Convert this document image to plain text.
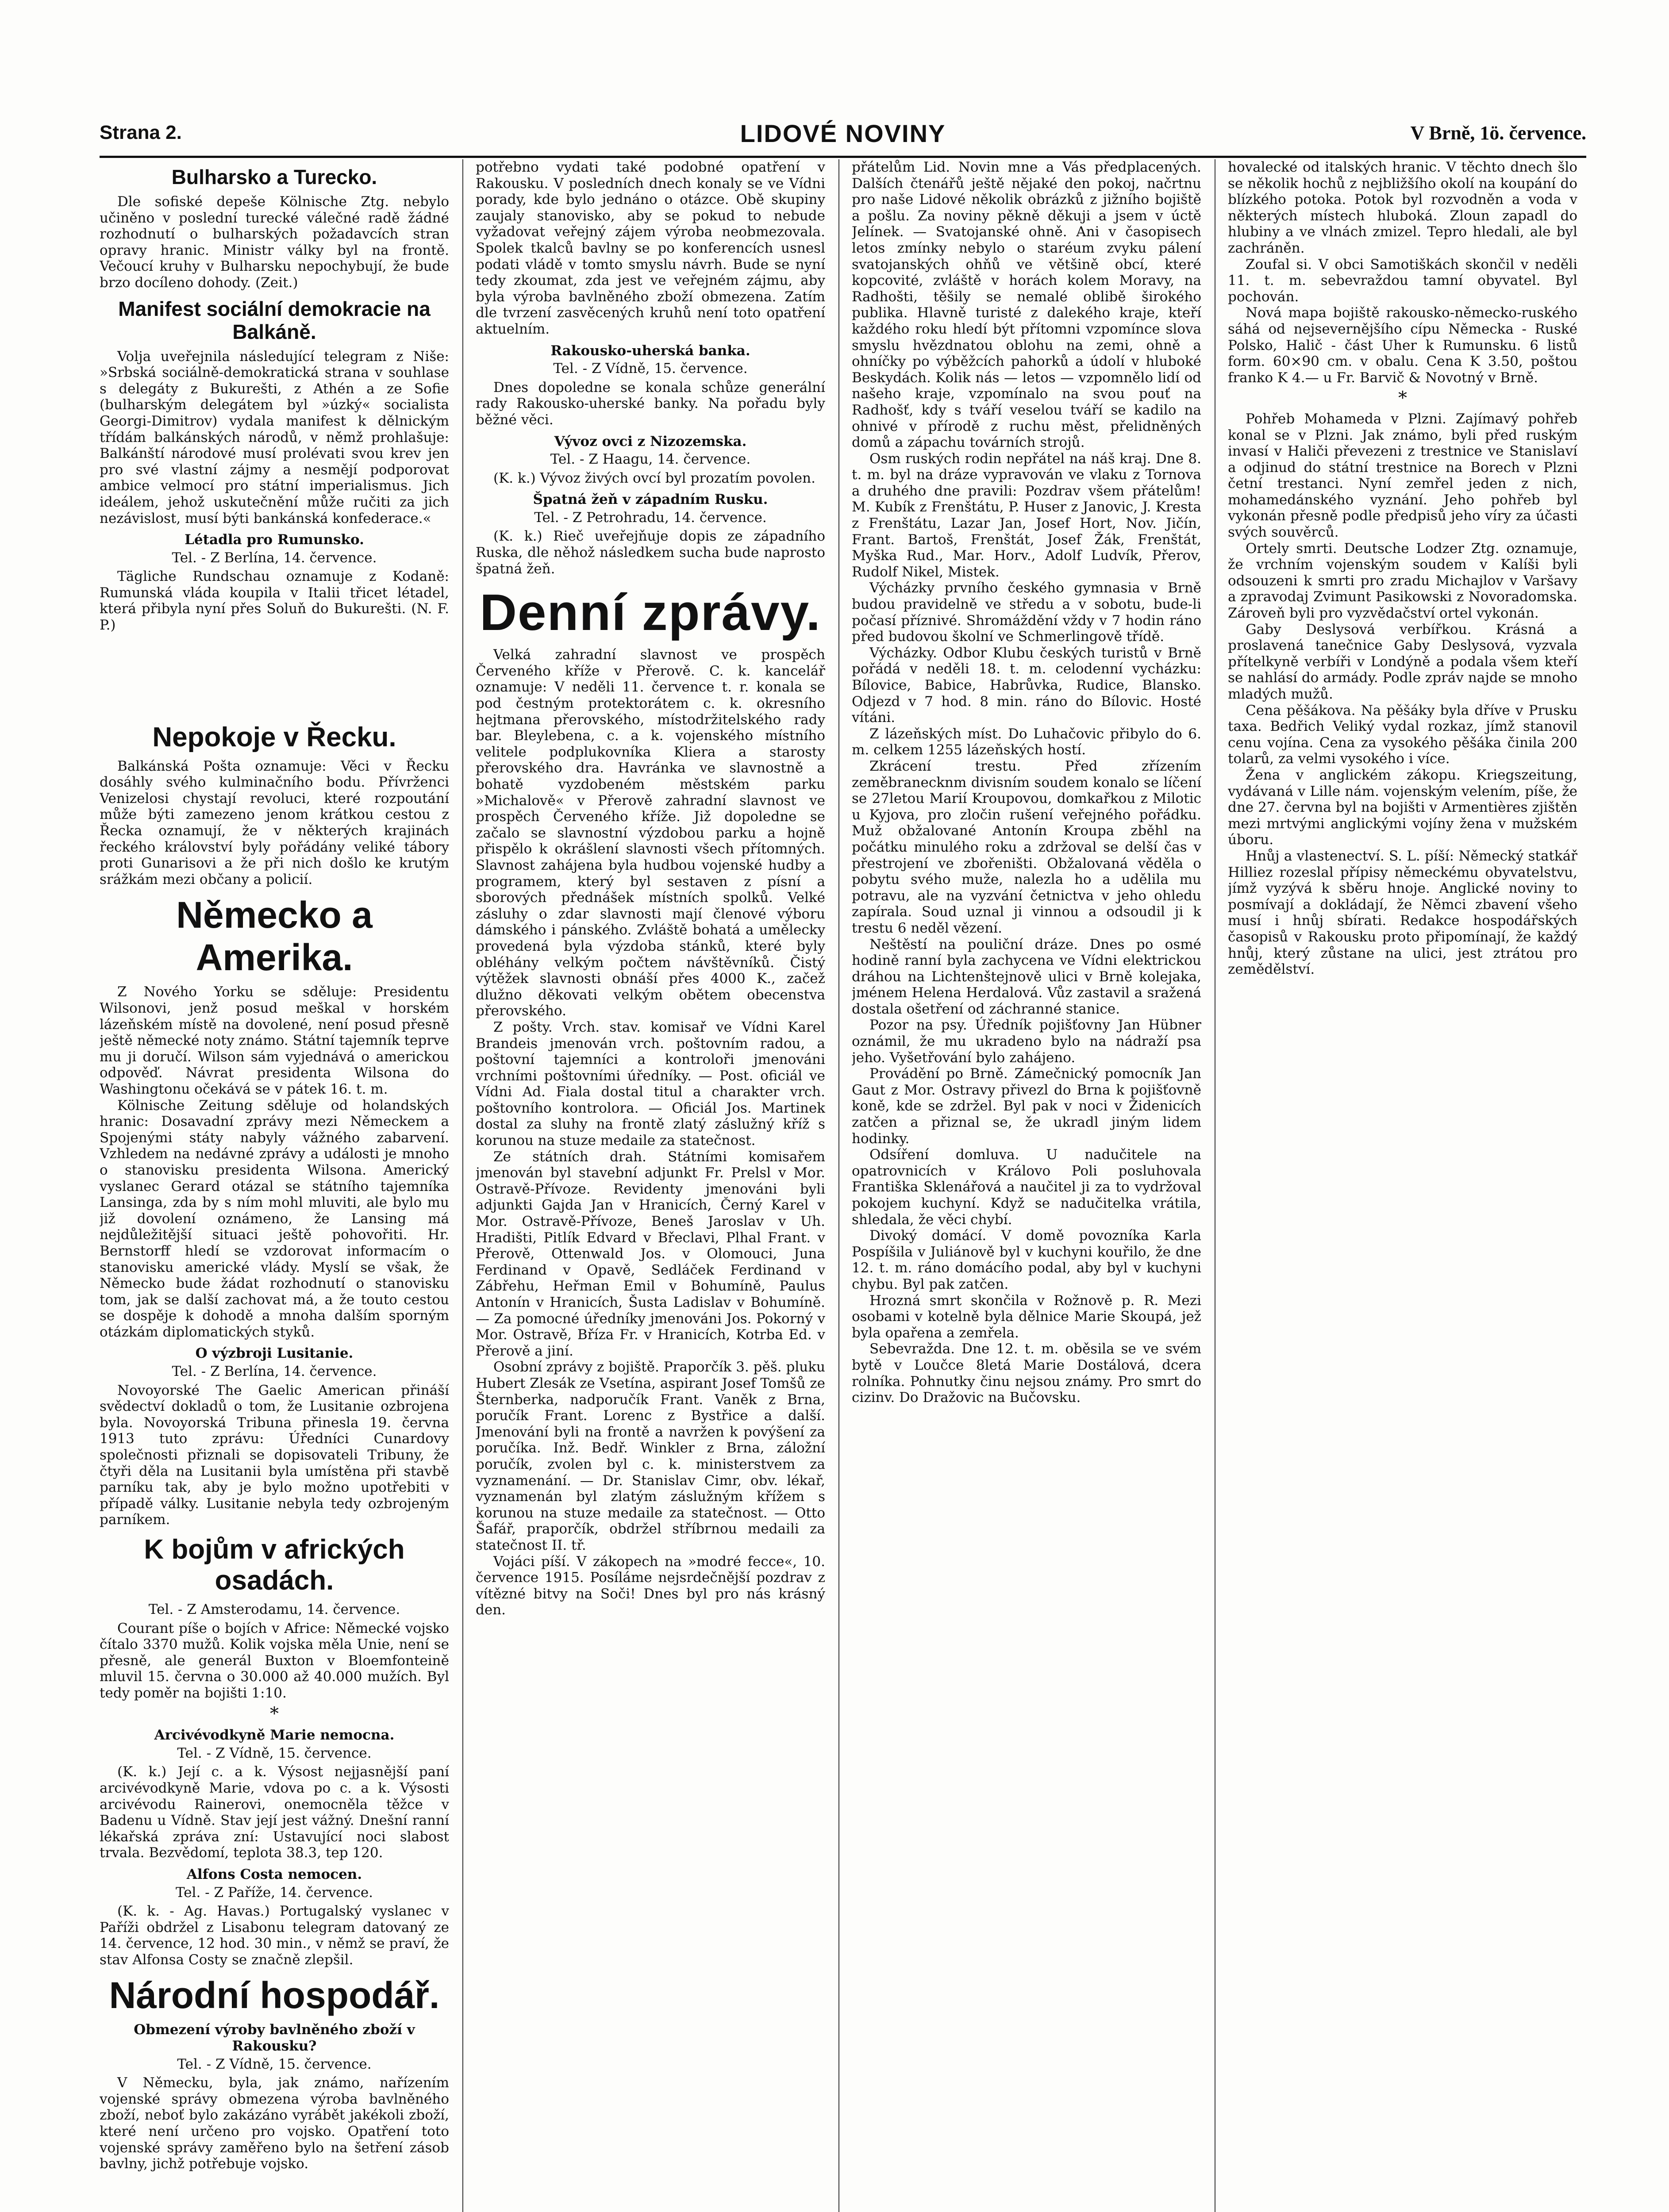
Strana 2.	LIDOVÉ NOVINY	V Brně, 1ö. července.
Bulharsko a Turecko.

Dle sofiské depeše Kölnische Ztg. nebylo učiněno v poslední turecké válečné radě žádné rozhodnutí o bulharských požadavcích stran opravy hranic. Ministr války byl na frontě. Večoucí kruhy v Bulharsku nepochybují, že bude brzo docíleno dohody. (Zeit.)

Manifest sociální demokracie na Balkáně.

Volja uveřejnila následující telegram z Niše: »Srbská sociálně-demokratická strana v souhlase s delegáty z Bukurešti, z Athén a ze Sofie (bulharským delegátem byl »úzký« socialista Georgi-Dimitrov) vydala manifest k dělnickým třídám balkánských národů, v němž prohlašuje: Balkánští národové musí prolévati svou krev jen pro své vlastní zájmy a nesmějí podporovat ambice velmocí pro státní imperialismus. Jich ideálem, jehož uskutečnění může ručiti za jich nezávislost, musí býti bankánská konfederace.«

Létadla pro Rumunsko.
Tel. - Z Berlína, 14. července.

Tägliche Rundschau oznamuje z Kodaně: Rumunská vláda koupila v Italii třicet létadel, která přibyla nyní přes Soluň do Bukurešti. (N. F. P.)

Nepokoje v Řecku.

Balkánská Pošta oznamuje: Věci v Řecku dosáhly svého kulminačního bodu. Přívrženci Venizelosi chystají revoluci, které rozpoutání může býti zamezeno jenom krátkou cestou z Řecka oznamují, že v některých krajinách řeckého království byly pořádány veliké tábory proti Gunarisovi a že při nich došlo ke krutým srážkám mezi občany a policií.

Německo a Amerika.

Z Nového Yorku se sděluje: Presidentu Wilsonovi, jenž posud meškal v horském lázeňském místě na dovolené, není posud přesně ještě německé noty známo. Státní tajemník teprve mu ji doručí. Wilson sám vyjednává o americkou odpověď. Návrat presidenta Wilsona do Washingtonu očekává se v pátek 16. t. m.

Kölnische Zeitung sděluje od holandských hranic: Dosavadní zprávy mezi Německem a Spojenými státy nabyly vážného zabarvení. Vzhledem na nedávné zprávy a události je mnoho o stanovisku presidenta Wilsona. Americký vyslanec Gerard otázal se státního tajemníka Lansinga, zda by s ním mohl mluviti, ale bylo mu již dovolení oznámeno, že Lansing má nejdůležitější situaci ještě pohovořiti. Hr. Bernstorff hledí se vzdorovat informacím o stanovisku americké vlády. Myslí se však, že Německo bude žádat rozhodnutí o stanovisku tom, jak se další zachovat má, a že touto cestou se dospěje k dohodě a mnoha dalším sporným otázkám diplomatických styků.

O výzbroji Lusitanie.
Tel. - Z Berlína, 14. července.

Novoyorské The Gaelic American přináší svědectví dokladů o tom, že Lusitanie ozbrojena byla. Novoyorská Tribuna přinesla 19. června 1913 tuto zprávu: Úředníci Cunardovy společnosti přiznali se dopisovateli Tribuny, že čtyři děla na Lusitanii byla umístěna při stavbě parníku tak, aby je bylo možno upotřebiti v případě války. Lusitanie nebyla tedy ozbrojeným parníkem.

K bojům v afrických osadách.
Tel. - Z Amsterodamu, 14. července.

Courant píše o bojích v Africe: Německé vojsko čítalo 3370 mužů. Kolik vojska měla Unie, není se přesně, ale generál Buxton v Bloemfonteině mluvil 15. června o 30.000 až 40.000 mužích. Byl tedy poměr na bojišti 1:10.

*
Arcivévodkyně Marie nemocna.
Tel. - Z Vídně, 15. července.

(K. k.) Její c. a k. Výsost nejjasnější paní arcivévodkyně Marie, vdova po c. a k. Výsosti arcivévodu Rainerovi, onemocněla těžce v Badenu u Vídně. Stav její jest vážný. Dnešní ranní lékařská zpráva zní: Ustavující noci slabost trvala. Bezvědomí, teplota 38.3, tep 120.

Alfons Costa nemocen.
Tel. - Z Paříže, 14. července.

(K. k. - Ag. Havas.) Portugalský vyslanec v Paříži obdržel z Lisabonu telegram datovaný ze 14. července, 12 hod. 30 min., v němž se praví, že stav Alfonsa Costy se značně zlepšil.

Národní hospodář.
Obmezení výroby bavlněného zboží v Rakousku?
Tel. - Z Vídně, 15. července.

V Německu, byla, jak známo, nařízením vojenské správy obmezena výroba bavlněného zboží, neboť bylo zakázáno vyrábět jakékoli zboží, které není určeno pro vojsko. Opatření toto vojenské správy zaměřeno bylo na šetření zásob bavlny, jichž potřebuje vojsko.

potřebno vydati také podobné opatření v Rakousku. V posledních dnech konaly se ve Vídni porady, kde bylo jednáno o otázce. Obě skupiny zaujaly stanovisko, aby se pokud to nebude vyžadovat veřejný zájem výroba neobmezovala. Spolek tkalců bavlny se po konferencích usnesl podati vládě v tomto smyslu návrh. Bude se nyní tedy zkoumat, zda jest ve veřejném zájmu, aby byla výroba bavlněného zboží obmezena. Zatím dle tvrzení zasvěcených kruhů není toto opatření aktuelním.

Rakousko-uherská banka.
Tel. - Z Vídně, 15. července.

Dnes dopoledne se konala schůze generální rady Rakousko-uherské banky. Na pořadu byly běžné věci.

Vývoz ovci z Nizozemska.
Tel. - Z Haagu, 14. července.

(K. k.) Vývoz živých ovcí byl prozatím povolen.

Špatná žeň v západním Rusku.
Tel. - Z Petrohradu, 14. července.

(K. k.) Rieč uveřejňuje dopis ze západního Ruska, dle něhož následkem sucha bude naprosto špatná žeň.

Denní zprávy.

Velká zahradní slavnost ve prospěch Červeného kříže v Přerově. C. k. kancelář oznamuje: V neděli 11. července t. r. konala se pod čestným protektorátem c. k. okresního hejtmana přerovského, místodržitelského rady bar. Bleylebena, c. a k. vojenského místního velitele podplukovníka Kliera a starosty přerovského dra. Havránka ve slavnostně a bohatě vyzdobeném městském parku »Michalově« v Přerově zahradní slavnost ve prospěch Červeného kříže. Již dopoledne se začalo se slavnostní výzdobou parku a hojně přispělo k okrášlení slavnosti všech přítomných. Slavnost zahájena byla hudbou vojenské hudby a programem, který byl sestaven z písní a sborových přednášek místních spolků. Velké zásluhy o zdar slavnosti mají členové výboru dámského i pánského. Zvláště bohatá a umělecky provedená byla výzdoba stánků, které byly obléhány velkým počtem návštěvníků. Čistý výtěžek slavnosti obnáší přes 4000 K., začež dlužno děkovati velkým obětem obecenstva přerovského.

Z pošty. Vrch. stav. komisař ve Vídni Karel Brandeis jmenován vrch. poštovním radou, a poštovní tajemníci a kontroloři jmenováni vrchními poštovními úředníky. — Post. oficiál ve Vídni Ad. Fiala dostal titul a charakter vrch. poštovního kontrolora. — Oficiál Jos. Martinek dostal za sluhy na frontě zlatý záslužný kříž s korunou na stuze medaile za statečnost.

Ze státních drah. Státními komisařem jmenován byl stavební adjunkt Fr. Prelsl v Mor. Ostravě-Přívoze. Revidenty jmenováni byli adjunkti Gajda Jan v Hranicích, Černý Karel v Mor. Ostravě-Přívoze, Beneš Jaroslav v Uh. Hradišti, Pitlík Edvard v Břeclavi, Plhal Frant. v Přerově, Ottenwald Jos. v Olomouci, Juna Ferdinand v Opavě, Sedláček Ferdinand v Zábřehu, Heřman Emil v Bohumíně, Paulus Antonín v Hranicích, Šusta Ladislav v Bohumíně. — Za pomocné úředníky jmenováni Jos. Pokorný v Mor. Ostravě, Bříza Fr. v Hranicích, Kotrba Ed. v Přerově a jiní.

Osobní zprávy z bojiště. Praporčík 3. pěš. pluku Hubert Zlesák ze Vsetína, aspirant Josef Tomšů ze Šternberka, nadporučík Frant. Vaněk z Brna, poručík Frant. Lorenc z Bystřice a další. Jmenování byli na frontě a navržen k povýšení za poručíka. Inž. Bedř. Winkler z Brna, záložní poručík, zvolen byl c. k. ministerstvem za vyznamenání. — Dr. Stanislav Cimr, obv. lékař, vyznamenán byl zlatým záslužným křížem s korunou na stuze medaile za statečnost. — Otto Šafář, praporčík, obdržel stříbrnou medaili za statečnost II. tř.

Vojáci píší. V zákopech na »modré fecce«, 10. července 1915. Posíláme nejsrdečnější pozdrav z vítězné bitvy na Soči! Dnes byl pro nás krásný den.

přátelům Lid. Novin mne a Vás předplacených. Dalších čtenářů ještě nějaké den pokoj, načrtnu pro naše Lidové několik obrázků z jižního bojiště a pošlu. Za noviny pěkně děkuji a jsem v úctě Jelínek. — Svatojanské ohně. Ani v časopisech letos zmínky nebylo o staréum zvyku pálení svatojanských ohňů ve většině obcí, které kopcovité, zvláště v horách kolem Moravy, na Radhošti, těšily se nemalé oblibě širokého publika. Hlavně turisté z dalekého kraje, kteří každého roku hledí být přítomni vzpomínce slova smyslu hvězdnatou oblohu na zemi, ohně a ohníčky po výběžcích pahorků a údolí v hluboké Beskydách. Kolik nás — letos — vzpomnělo lidí od našeho kraje, vzpomínalo na svou pouť na Radhošť, kdy s tváří veselou tváří se kadilo na ohnivé v přírodě z ruchu měst, přelidněných domů a zápachu továrních strojů.

Osm ruských rodin nepřátel na náš kraj. Dne 8. t. m. byl na dráze vypravován ve vlaku z Tornova a druhého dne pravili: Pozdrav všem přátelům! M. Kubík z Frenštátu, P. Huser z Janovic, J. Kresta z Frenštátu, Lazar Jan, Josef Hort, Nov. Jičín, Frant. Bartoš, Frenštát, Josef Žák, Frenštát, Myška Rud., Mar. Horv., Adolf Ludvík, Přerov, Rudolf Nikel, Mistek.

Výcházky prvního českého gymnasia v Brně budou pravidelně ve středu a v sobotu, bude-li počasí příznivé. Shromáždění vždy v 7 hodin ráno před budovou školní ve Schmerlingově třídě.

Výcházky. Odbor Klubu českých turistů v Brně pořádá v neděli 18. t. m. celodenní vycházku: Bílovice, Babice, Habrůvka, Rudice, Blansko. Odjezd v 7 hod. 8 min. ráno do Bílovic. Hosté vítáni.

Z lázeňských míst. Do Luhačovic přibylo do 6. m. celkem 1255 lázeňských hostí.

Zkrácení trestu. Před zřízením zeměbranecknm divisním soudem konalo se líčení se 27letou Marií Kroupovou, domkařkou z Milotic u Kyjova, pro zločin rušení veřejného pořádku. Muž obžalované Antonín Kroupa zběhl na počátku minulého roku a zdržoval se delší čas v přestrojení ve zbořeništi. Obžalovaná věděla o pobytu svého muže, nalezla ho a udělila mu potravu, ale na vyzvání četnictva v jeho ohledu zapírala. Soud uznal ji vinnou a odsoudil ji k trestu 6 neděl vězení.

Neštěstí na pouliční dráze. Dnes po osmé hodině ranní byla zachycena ve Vídni elektrickou dráhou na Lichtenštejnově ulici v Brně kolejaka, jménem Helena Herdalová. Vůz zastavil a sražená dostala ošetření od záchranné stanice.

Pozor na psy. Úředník pojišťovny Jan Hübner oznámil, že mu ukradeno bylo na nádraží psa jeho. Vyšetřování bylo zahájeno.

Provádění po Brně. Zámečnický pomocník Jan Gaut z Mor. Ostravy přivezl do Brna k pojišťovně koně, kde se zdržel. Byl pak v noci v Židenicích zatčen a přiznal se, že ukradl jiným lidem hodinky.

Odsíření domluva. U nadučitele na opatrovnicích v Královo Poli posluhovala Františka Sklenářová a naučitel ji za to vydržoval pokojem kuchyní. Když se nadučitelka vrátila, shledala, že věci chybí.

Divoký domácí. V domě povozníka Karla Pospíšila v Juliánově byl v kuchyni kouřilo, že dne 12. t. m. ráno domácího podal, aby byl v kuchyni chybu. Byl pak zatčen.

Hrozná smrt skončila v Rožnově p. R. Mezi osobami v kotelně byla dělnice Marie Skoupá, jež byla opařena a zemřela.

Sebevražda. Dne 12. t. m. oběsila se ve svém bytě v Loučce 8letá Marie Dostálová, dcera rolníka. Pohnutky činu nejsou známy. Pro smrt do cizinv. Do Dražovic na Bučovsku.

hovalecké od italských hranic. V těchto dnech šlo se několik hochů z nejbližšího okolí na koupání do blízkého potoka. Potok byl rozvodněn a voda v některých místech hluboká. Zloun zapadl do hlubiny a ve vlnách zmizel. Tepro hledali, ale byl zachráněn.

Zoufal si. V obci Samotiškách skončil v neděli 11. t. m. sebevraždou tamní obyvatel. Byl pochován.

Nová mapa bojiště rakousko-německo-ruského sáhá od nejsevernějšího cípu Německa - Ruské Polsko, Halič - část Uher k Rumunsku. 6 listů form. 60×90 cm. v obalu. Cena K 3.50, poštou franko K 4.— u Fr. Barvič & Novotný v Brně.

*

Pohřeb Mohameda v Plzni. Zajímavý pohřeb konal se v Plzni. Jak známo, byli před ruským invasí v Haliči převezeni z trestnice ve Stanislaví a odjinud do státní trestnice na Borech v Plzni četní trestanci. Nyní zemřel jeden z nich, mohamedánského vyznání. Jeho pohřeb byl vykonán přesně podle předpisů jeho víry za účasti svých souvěrců.

Ortely smrti. Deutsche Lodzer Ztg. oznamuje, že vrchním vojenským soudem v Kalíši byli odsouzeni k smrti pro zradu Michajlov v Varšavy a zpravodaj Zvimunt Pasikowski z Novoradomska. Zároveň byli pro vyzvědačství ortel vykonán.

Gaby Deslysová verbířkou. Krásná a proslavená tanečnice Gaby Deslysová, vyzvala přítelkyně verbíři v Londýně a podala všem kteří se nahlásí do armády. Podle zpráv najde se mnoho mladých mužů.

Cena pěšákova. Na pěšáky byla dříve v Prusku taxa. Bedřich Veliký vydal rozkaz, jímž stanovil cenu vojína. Cena za vysokého pěšáka činila 200 tolarů, za velmi vysokého i více.

Žena v anglickém zákopu. Kriegszeitung, vydávaná v Lille nám. vojenským velením, píše, že dne 27. června byl na bojišti v Armentières zjištěn mezi mrtvými anglickými vojíny žena v mužském úboru.

Hnůj a vlastenectví. S. L. píší: Německý statkář Hilliez rozeslal přípisy německému obyvatelstvu, jímž vyzývá k sběru hnoje. Anglické noviny to posmívají a dokládají, že Němci zbavení všeho musí i hnůj sbírati. Redakce hospodářských časopisů v Rakousku proto připomínají, že každý hnůj, který zůstane na ulici, jest ztrátou pro zemědělství.
